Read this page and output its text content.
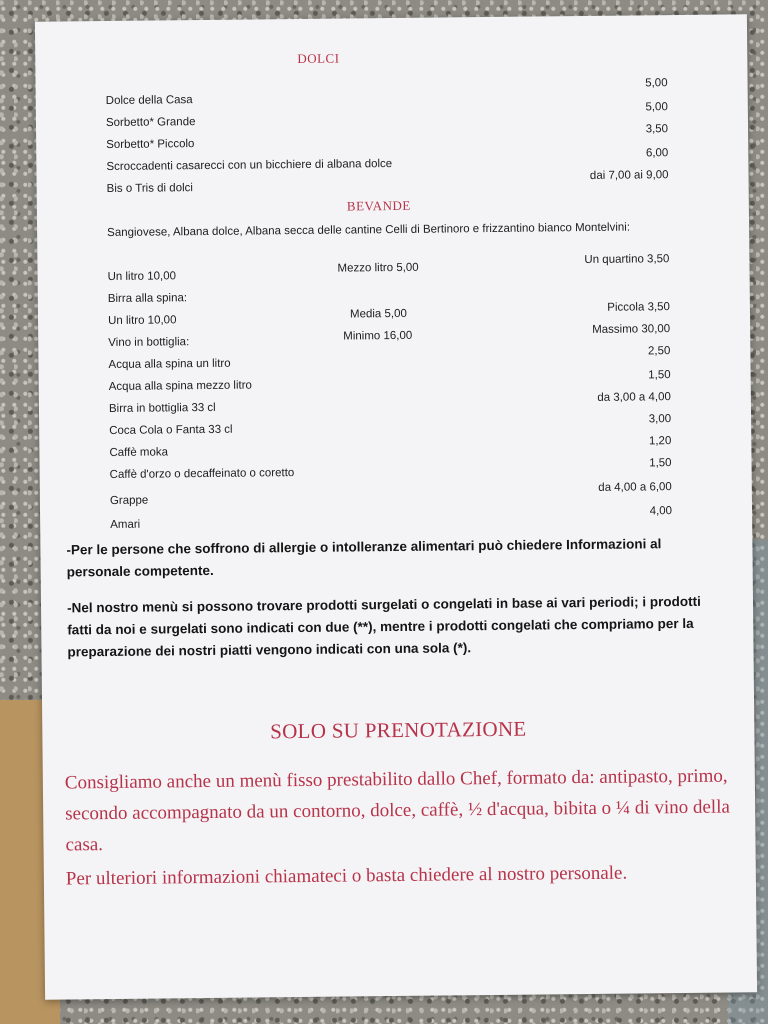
DOLCI
Dolce della Casa
5,00
Sorbetto* Grande
5,00
Sorbetto* Piccolo
3,50
Scroccadenti casarecci con un bicchiere di albana dolce
6,00
Bis o Tris di dolci
dai 7,00 ai 9,00
BEVANDE
Sangiovese, Albana dolce, Albana secca delle cantine Celli di Bertinoro e frizzantino bianco Montelvini:
Un litro 10,00
Mezzo litro 5,00
Un quartino 3,50
Birra alla spina:
Un litro 10,00
Media 5,00
Piccola 3,50
Vino in bottiglia:	Minimo 16,00
Massimo 30,00
Acqua alla spina un litro
2,50
Acqua alla spina mezzo litro
1,50
Birra in bottiglia 33 cl
da 3,00 a 4,00
Coca Cola o Fanta 33 cl
3,00
Caffè moka
1,20
Caffè d'orzo o decaffeinato o coretto
1,50
Grappe
da 4,00 a 6,00
Amari
4,00
-Per le persone che soffrono di allergie o intolleranze alimentari può chiedere Informazioni al personale competente.
-Nel nostro menù si possono trovare prodotti surgelati o congelati in base ai vari periodi; i prodotti fatti da noi e surgelati sono indicati con due (**), mentre i prodotti congelati che compriamo per la preparazione dei nostri piatti vengono indicati con una sola (*).
SOLO SU PRENOTAZIONE
Consigliamo anche un menù fisso prestabilito dallo Chef, formato da: antipasto, primo, secondo accompagnato da un contorno, dolce, caffè, ½ d'acqua, bibita o ¼ di vino della casa.
Per ulteriori informazioni chiamateci o basta chiedere al nostro personale.
